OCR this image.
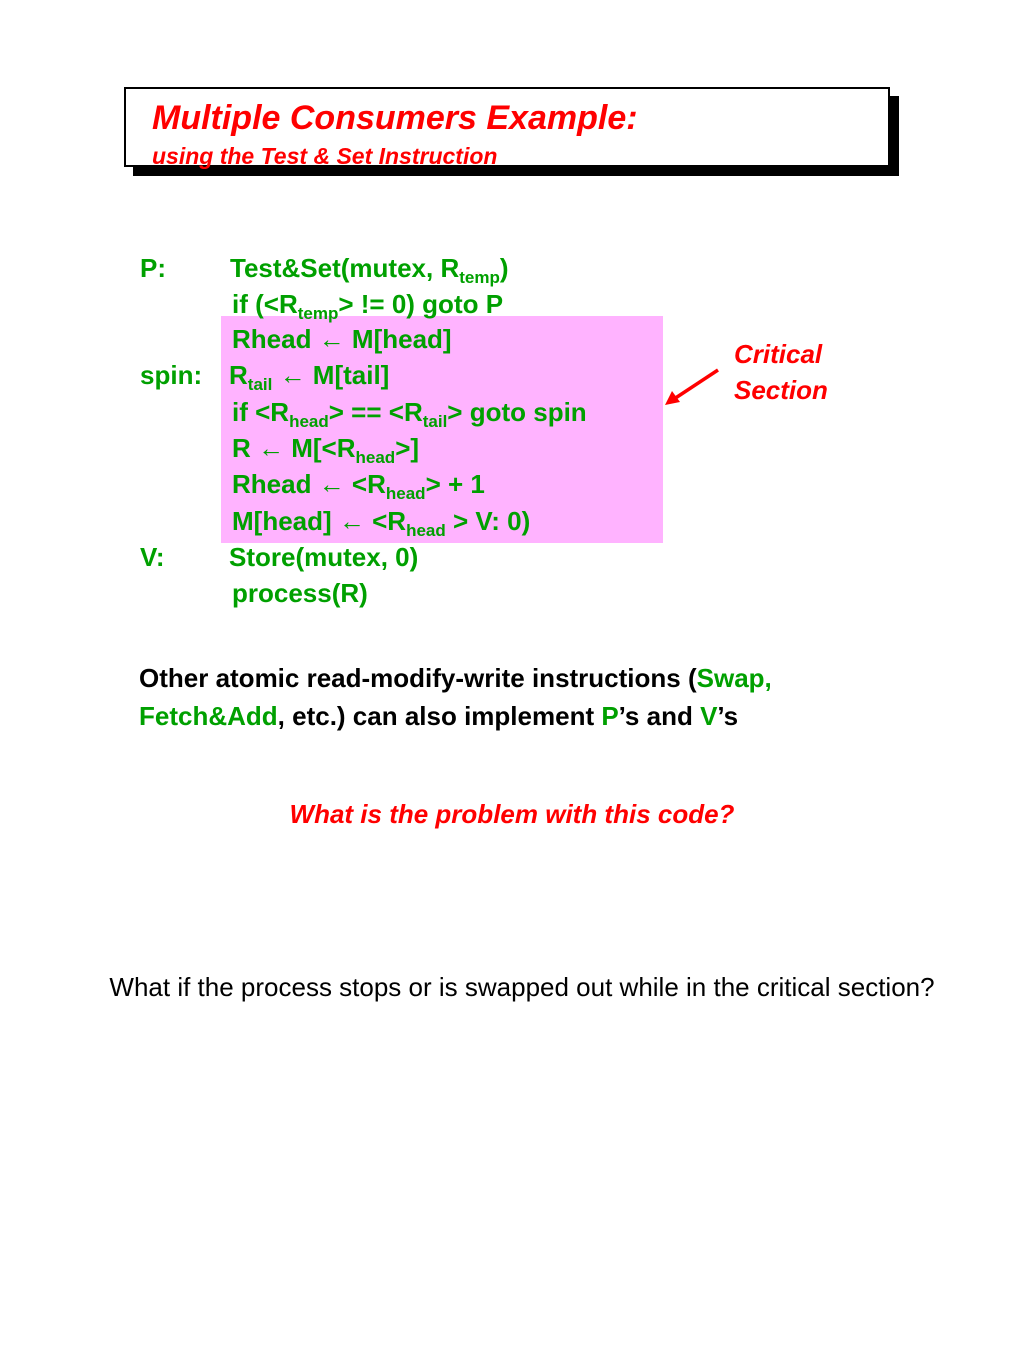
Multiple Consumers Example:
using the Test & Set Instruction
P: Test&Set(mutex, $R_{temp}$)
if ($<R_{temp}>$ != 0) goto P
Rhead ← M[head]
spin: $R_{tail}$ ← M[tail]
if $<R_{head}> == <R_{tail}>$ goto spin
R ← $M[<R_{head}>]$
Rhead ← $<R_{head}> + 1$
M[head] ← $<R_{head} > V$: 0)
V: Store(mutex, 0)
process(R)
Critical
Section
Other atomic read-modify-write instructions (Swap,
Fetch&Add, etc.) can also implement P’s and V’s
What is the problem with this code?
What if the process stops or is swapped out while in the critical section?
